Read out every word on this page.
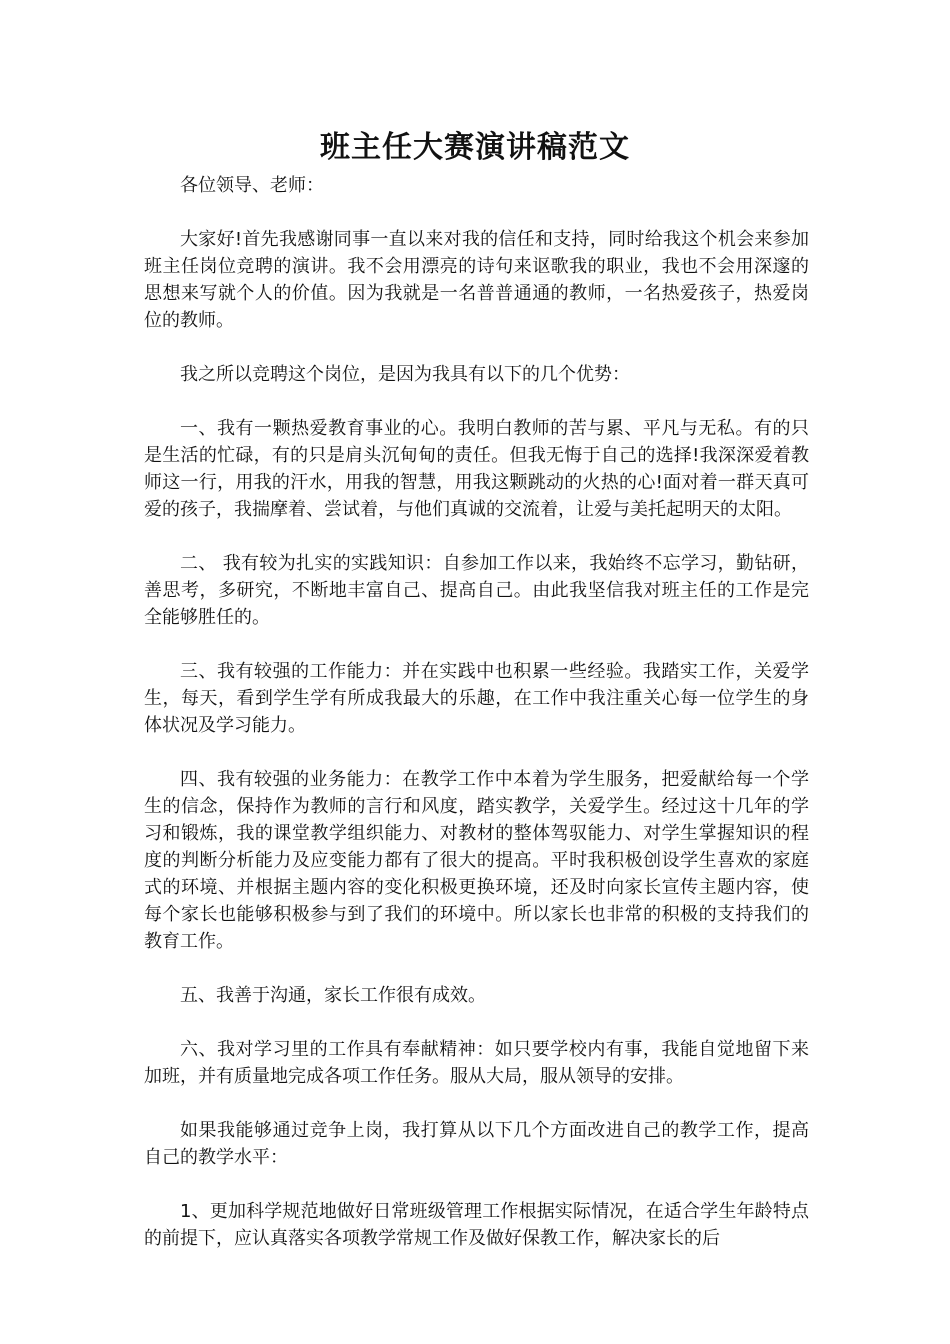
班主任大赛演讲稿范文

各位领导、老师：

大家好!首先我感谢同事一直以来对我的信任和支持，同时给我这个机会来参加班主任岗位竞聘的演讲。我不会用漂亮的诗句来讴歌我的职业，我也不会用深邃的思想来写就个人的价值。因为我就是一名普普通通的教师，一名热爱孩子，热爱岗位的教师。

我之所以竞聘这个岗位，是因为我具有以下的几个优势：

一、我有一颗热爱教育事业的心。我明白教师的苦与累、平凡与无私。有的只是生活的忙碌，有的只是肩头沉甸甸的责任。但我无悔于自己的选择!我深深爱着教师这一行，用我的汗水，用我的智慧，用我这颗跳动的火热的心!面对着一群天真可爱的孩子，我揣摩着、尝试着，与他们真诚的交流着，让爱与美托起明天的太阳。

二、 我有较为扎实的实践知识：自参加工作以来，我始终不忘学习，勤钻研，善思考，多研究，不断地丰富自己、提高自己。由此我坚信我对班主任的工作是完全能够胜任的。

三、我有较强的工作能力：并在实践中也积累一些经验。我踏实工作，关爱学生，每天，看到学生学有所成我最大的乐趣，在工作中我注重关心每一位学生的身体状况及学习能力。

四、我有较强的业务能力：在教学工作中本着为学生服务，把爱献给每一个学生的信念，保持作为教师的言行和风度，踏实教学，关爱学生。经过这十几年的学习和锻炼，我的课堂教学组织能力、对教材的整体驾驭能力、对学生掌握知识的程度的判断分析能力及应变能力都有了很大的提高。平时我积极创设学生喜欢的家庭式的环境、并根据主题内容的变化积极更换环境，还及时向家长宣传主题内容，使每个家长也能够积极参与到了我们的环境中。所以家长也非常的积极的支持我们的教育工作。

五、我善于沟通，家长工作很有成效。

六、我对学习里的工作具有奉献精神：如只要学校内有事，我能自觉地留下来加班，并有质量地完成各项工作任务。服从大局，服从领导的安排。

如果我能够通过竞争上岗，我打算从以下几个方面改进自己的教学工作，提高自己的教学水平：

1、更加科学规范地做好日常班级管理工作根据实际情况，在适合学生年龄特点的前提下，应认真落实各项教学常规工作及做好保教工作，解决家长的后
